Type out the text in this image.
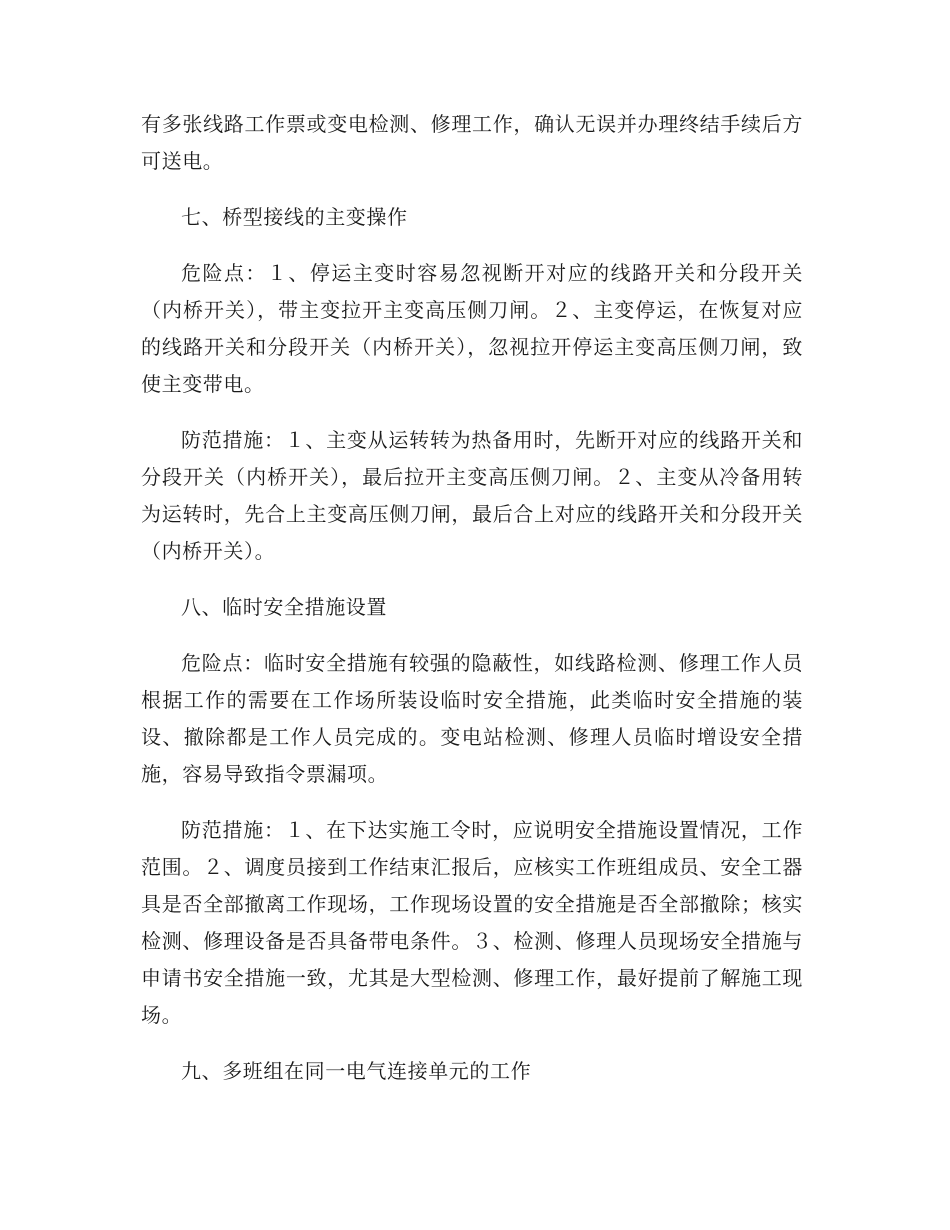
有多张线路工作票或变电检测、修理工作，确认无误并办理终结手续后方可送电。

七、桥型接线的主变操作

危险点：１、停运主变时容易忽视断开对应的线路开关和分段开关（内桥开关），带主变拉开主变高压侧刀闸。２、主变停运，在恢复对应的线路开关和分段开关（内桥开关），忽视拉开停运主变高压侧刀闸，致使主变带电。

防范措施：１、主变从运转转为热备用时，先断开对应的线路开关和分段开关（内桥开关），最后拉开主变高压侧刀闸。２、主变从冷备用转为运转时，先合上主变高压侧刀闸，最后合上对应的线路开关和分段开关（内桥开关）。

八、临时安全措施设置

危险点：临时安全措施有较强的隐蔽性，如线路检测、修理工作人员根据工作的需要在工作场所装设临时安全措施，此类临时安全措施的装设、撤除都是工作人员完成的。变电站检测、修理人员临时增设安全措施，容易导致指令票漏项。

防范措施：１、在下达实施工令时，应说明安全措施设置情况，工作范围。２、调度员接到工作结束汇报后，应核实工作班组成员、安全工器具是否全部撤离工作现场，工作现场设置的安全措施是否全部撤除；核实检测、修理设备是否具备带电条件。３、检测、修理人员现场安全措施与申请书安全措施一致，尤其是大型检测、修理工作，最好提前了解施工现场。

九、多班组在同一电气连接单元的工作
